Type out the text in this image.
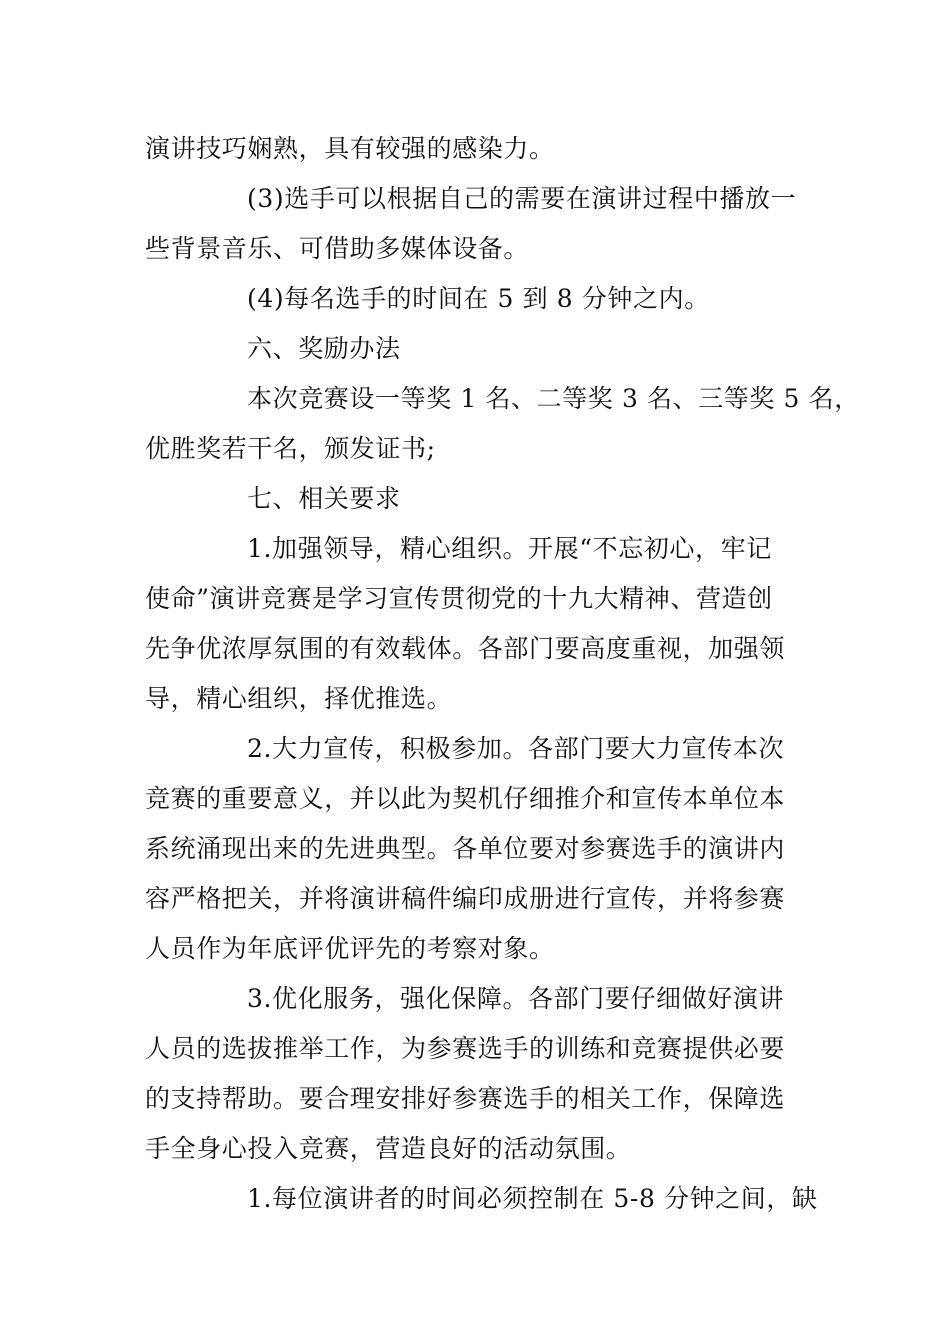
演讲技巧娴熟，具有较强的感染力。
(3)选手可以根据自己的需要在演讲过程中播放一
些背景音乐、可借助多媒体设备。
(4)每名选手的时间在 5 到 8 分钟之内。
六、奖励办法
本次竞赛设一等奖 1 名、二等奖 3 名、三等奖 5 名，
优胜奖若干名，颁发证书;
七、相关要求
1.加强领导，精心组织。开展“不忘初心，牢记
使命”演讲竞赛是学习宣传贯彻党的十九大精神、营造创
先争优浓厚氛围的有效载体。各部门要高度重视，加强领
导，精心组织，择优推选。
2.大力宣传，积极参加。各部门要大力宣传本次
竞赛的重要意义，并以此为契机仔细推介和宣传本单位本
系统涌现出来的先进典型。各单位要对参赛选手的演讲内
容严格把关，并将演讲稿件编印成册进行宣传，并将参赛
人员作为年底评优评先的考察对象。
3.优化服务，强化保障。各部门要仔细做好演讲
人员的选拔推举工作，为参赛选手的训练和竞赛提供必要
的支持帮助。要合理安排好参赛选手的相关工作，保障选
手全身心投入竞赛，营造良好的活动氛围。
1.每位演讲者的时间必须控制在 5-8 分钟之间，缺
